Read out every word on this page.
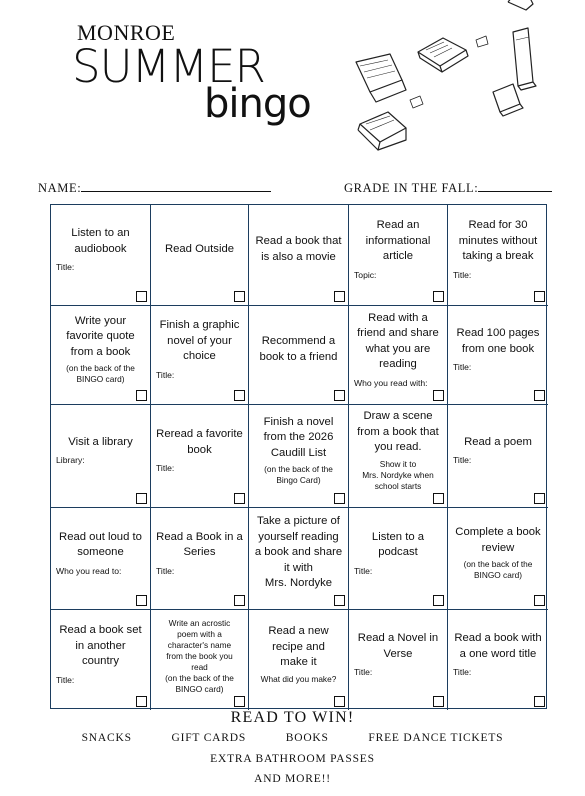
MONROE
SUMMER
bingo
NAME:	GRADE IN THE FALL:
Listen to an
audiobook
Title:
Read Outside
Read a book that
is also a movie
Read an
informational
article
Topic:
Read for 30
minutes without
taking a break
Title:
Write your
favorite quote
from a book
(on the back of the
BINGO card)
Finish a graphic
novel of your
choice
Title:
Recommend a
book to a friend
Read with a
friend and share
what you are
reading
Who you read with:
Read 100 pages
from one book
Title:
Visit a library
Library:
Reread a favorite
book
Title:
Finish a novel
from the 2026
Caudill List
(on the back of the
Bingo Card)
Draw a scene
from a book that
you read.
Show it to
Mrs. Nordyke when
school starts
Read a poem
Title:
Read out loud to
someone
Who you read to:
Read a Book in a
Series
Title:
Take a picture of
yourself reading
a book and share
it with
Mrs. Nordyke
Listen to a
podcast
Title:
Complete a book
review
(on the back of the
BINGO card)
Read a book set
in another
country
Title:
Write an acrostic
poem with a
character's name
from the book you
read
(on the back of the
BINGO card)
Read a new
recipe and
make it
What did you make?
Read a Novel in
Verse
Title:
Read a book with
a one word title
Title:
READ TO WIN!
SNACKS	GIFT CARDS	BOOKS	FREE DANCE TICKETS
EXTRA BATHROOM PASSES
AND MORE!!
